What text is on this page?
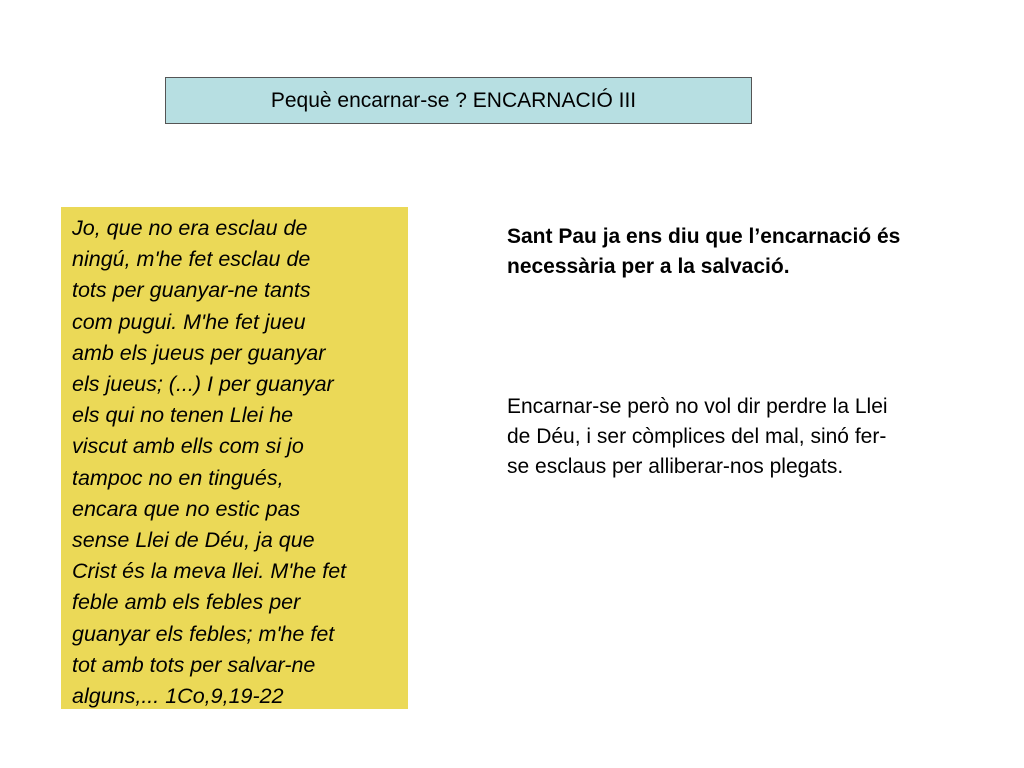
Pequè encarnar-se ? ENCARNACIÓ III
Jo, que no era esclau de
ningú, m'he fet esclau de
tots per guanyar-ne tants
com pugui. M'he fet jueu
amb els jueus per guanyar
els jueus; (...) I per guanyar
els qui no tenen Llei he
viscut amb ells com si jo
tampoc no en tingués,
encara que no estic pas
sense Llei de Déu, ja que
Crist és la meva llei. M'he fet
feble amb els febles per
guanyar els febles; m'he fet
tot amb tots per salvar-ne
alguns,... 1Co,9,19-22
Sant Pau ja ens diu que l’encarnació és necessària per a la salvació.
Encarnar-se però no vol dir perdre la Llei
de Déu, i ser còmplices del mal, sinó fer-
se esclaus per alliberar-nos plegats.
